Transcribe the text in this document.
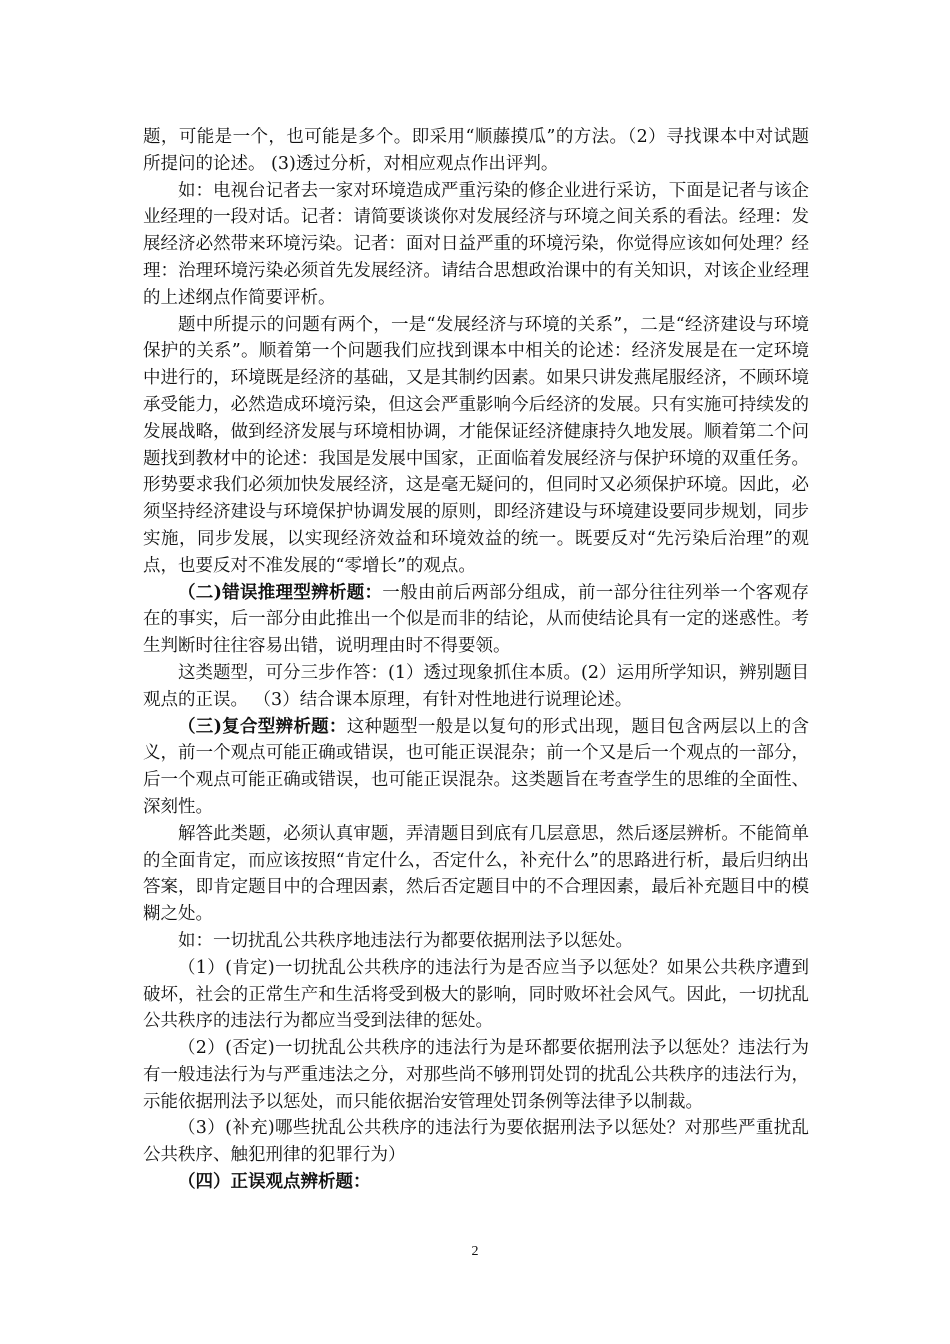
题，可能是一个，也可能是多个。即采用“顺藤摸瓜”的方法。（2）寻找课本中对试题所提问的论述。 (3)透过分析，对相应观点作出评判。

如：电视台记者去一家对环境造成严重污染的修企业进行采访，下面是记者与该企业经理的一段对话。记者：请简要谈谈你对发展经济与环境之间关系的看法。经理：发展经济必然带来环境污染。记者：面对日益严重的环境污染，你觉得应该如何处理？经理：治理环境污染必须首先发展经济。请结合思想政治课中的有关知识，对该企业经理的上述纲点作简要评析。

题中所提示的问题有两个，一是“发展经济与环境的关系”，二是“经济建设与环境保护的关系”。顺着第一个问题我们应找到课本中相关的论述：经济发展是在一定环境中进行的，环境既是经济的基础，又是其制约因素。如果只讲发燕尾服经济，不顾环境承受能力，必然造成环境污染，但这会严重影响今后经济的发展。只有实施可持续发的发展战略，做到经济发展与环境相协调，才能保证经济健康持久地发展。顺着第二个问题找到教材中的论述：我国是发展中国家，正面临着发展经济与保护环境的双重任务。形势要求我们必须加快发展经济，这是毫无疑问的，但同时又必须保护环境。因此，必须坚持经济建设与环境保护协调发展的原则，即经济建设与环境建设要同步规划，同步实施，同步发展，以实现经济效益和环境效益的统一。既要反对“先污染后治理”的观点，也要反对不准发展的“零增长”的观点。

（二)错误推理型辨析题：一般由前后两部分组成，前一部分往往列举一个客观存在的事实，后一部分由此推出一个似是而非的结论，从而使结论具有一定的迷惑性。考生判断时往往容易出错，说明理由时不得要领。

这类题型，可分三步作答：(1）透过现象抓住本质。(2）运用所学知识，辨别题目观点的正误。 （3）结合课本原理，有针对性地进行说理论述。

（三)复合型辨析题：这种题型一般是以复句的形式出现，题目包含两层以上的含义，前一个观点可能正确或错误，也可能正误混杂；前一个又是后一个观点的一部分，后一个观点可能正确或错误，也可能正误混杂。这类题旨在考查学生的思维的全面性、深刻性。

解答此类题，必须认真审题，弄清题目到底有几层意思，然后逐层辨析。不能简单的全面肯定，而应该按照“肯定什么，否定什么，补充什么”的思路进行析，最后归纳出答案，即肯定题目中的合理因素，然后否定题目中的不合理因素，最后补充题目中的模糊之处。

如：一切扰乱公共秩序地违法行为都要依据刑法予以惩处。

（1）(肯定)一切扰乱公共秩序的违法行为是否应当予以惩处？如果公共秩序遭到破坏，社会的正常生产和生活将受到极大的影响，同时败坏社会风气。因此，一切扰乱公共秩序的违法行为都应当受到法律的惩处。

（2）(否定)一切扰乱公共秩序的违法行为是环都要依据刑法予以惩处？违法行为有一般违法行为与严重违法之分，对那些尚不够刑罚处罚的扰乱公共秩序的违法行为，示能依据刑法予以惩处，而只能依据治安管理处罚条例等法律予以制裁。

（3）(补充)哪些扰乱公共秩序的违法行为要依据刑法予以惩处？对那些严重扰乱公共秩序、触犯刑律的犯罪行为）

（四）正误观点辨析题：

2
